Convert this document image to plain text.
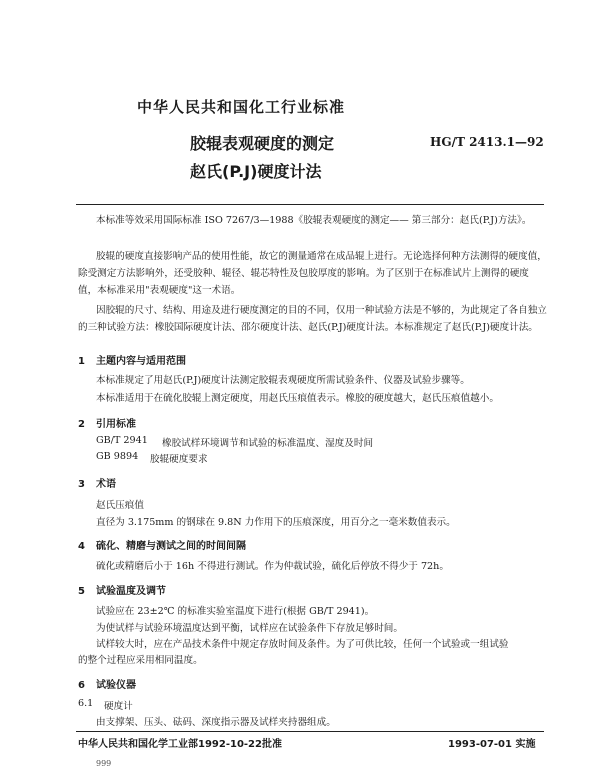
中华人民共和国化工行业标准
胶辊表观硬度的测定
赵氏(P.J)硬度计法
HG/T 2413.1—92
本标准等效采用国际标准 ISO 7267/3—1988《胶辊表观硬度的测定—— 第三部分：赵氏(P.J)方法》。
胶辊的硬度直接影响产品的使用性能，故它的测量通常在成品辊上进行。无论选择何种方法测得的硬度值，除受测定方法影响外，还受胶种、辊径、辊芯特性及包胶厚度的影响。为了区别于在标准试片上测得的硬度值，本标准采用"表观硬度"这一术语。
因胶辊的尺寸、结构、用途及进行硬度测定的目的不同，仅用一种试验方法是不够的，为此规定了各自独立的三种试验方法：橡胶国际硬度计法、邵尔硬度计法、赵氏(P.J)硬度计法。本标准规定了赵氏(P.J)硬度计法。
1 主题内容与适用范围
本标准规定了用赵氏(P.J)硬度计法测定胶辊表观硬度所需试验条件、仪器及试验步骤等。
本标准适用于在硫化胶辊上测定硬度，用赵氏压痕值表示。橡胶的硬度越大，赵氏压痕值越小。
2 引用标准
GB/T 2941 橡胶试样环境调节和试验的标准温度、湿度及时间
GB 9894 胶辊硬度要求
3 术语
赵氏压痕值
直径为 3.175mm 的钢球在 9.8N 力作用下的压痕深度，用百分之一毫米数值表示。
4 硫化、精磨与测试之间的时间间隔
硫化或精磨后小于 16h 不得进行测试。作为仲裁试验，硫化后停放不得少于 72h。
5 试验温度及调节
试验应在 23±2℃ 的标准实验室温度下进行(根据 GB/T 2941)。
为使试样与试验环境温度达到平衡，试样应在试验条件下存放足够时间。
试样较大时，应在产品技术条件中规定存放时间及条件。为了可供比较，任何一个试验或一组试验
的整个过程应采用相同温度。
6 试验仪器
6.1 硬度计
由支撑架、压头、砝码、深度指示器及试样夹持器组成。
中华人民共和国化学工业部1992-10-22批准	1993-07-01 实施
999
